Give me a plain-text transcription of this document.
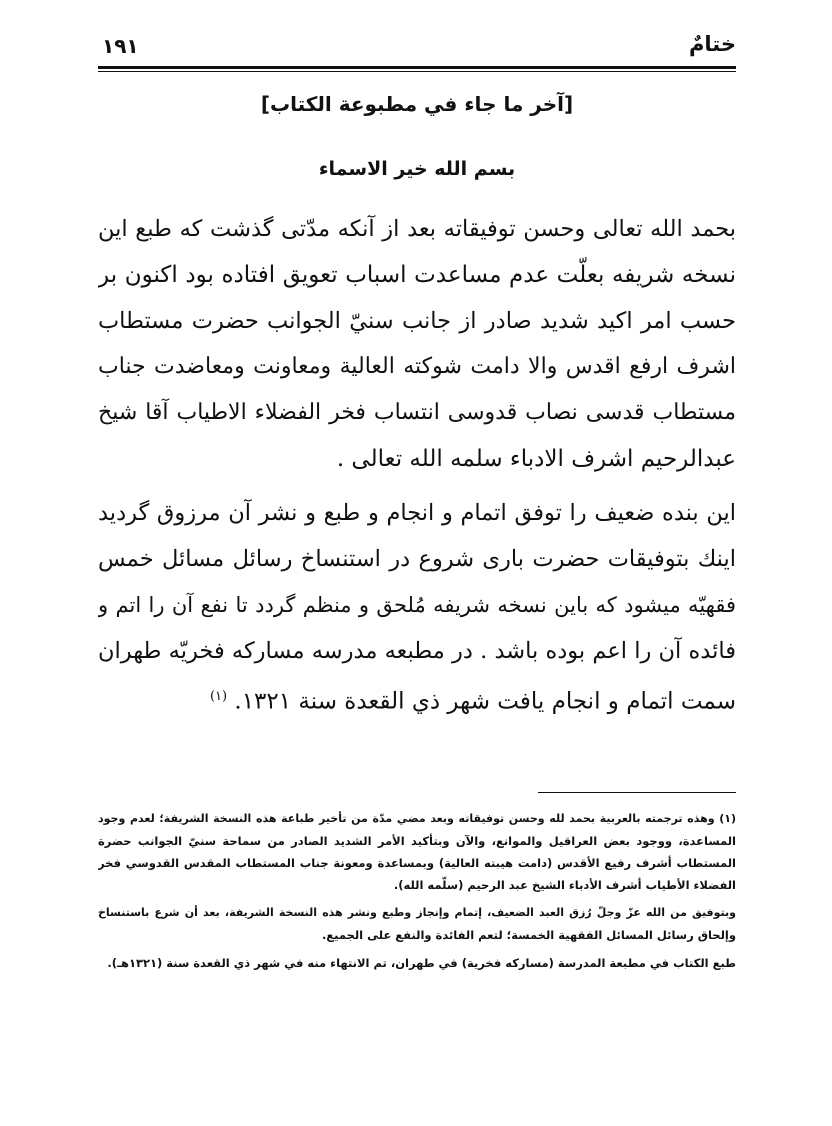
ختامٌ
١٩١
[آخر ما جاء في مطبوعة الكتاب]
بسم الله خير الاسماء
بحمد الله تعالى وحسن توفيقاته بعد از آنكه مدّتى گذشت كه طبع اين
نسخه شريفه بعلّت عدم مساعدت اسباب تعويق افتاده بود اكنون بر
حسب امر اكيد شديد صادر از جانب سنيّ الجوانب حضرت مستطاب
اشرف ارفع اقدس والا دامت شوكته العالية ومعاونت ومعاضدت جناب
مستطاب قدسى نصاب قدوسى انتساب فخر الفضلاء الاطياب آقا شيخ
عبدالرحيم اشرف الادباء سلمه الله تعالى .
اين بنده ضعيف را توفق اتمام و انجام و طبع و نشر آن مرزوق گرديد
اينك بتوفيقات حضرت بارى شروع در استنساخ رسائل مسائل خمس
فقهيّه ميشود كه باين نسخه شريفه مُلحق و منظم گردد تا نفع آن را اتم و
فائده آن را اعم بوده باشد . در مطبعه مدرسه مساركه فخريّه طهران
سمت اتمام و انجام يافت شهر ذي القعدة سنة ١٣٢١. $^{(١)}$
(١) وهذه ترجمته بالعربية بحمد لله وحسن توفيقاته وبعد مضي مدّة من تأخير طباعة هذه النسخة الشريفة؛ لعدم وجود
المساعدة، ووجود بعض العراقيل والموانع، والآن وبتأكيد الأمر الشديد الصادر من سماحة سنيّ الجوانب حضرة
المستطاب أشرف رفيع الأقدس (دامت هيبته العالية) وبمساعدة ومعونة جناب المستطاب المقدس القدوسي فخر
الفضلاء الأطياب أشرف الأدباء الشيخ عبد الرحيم (سلّمه الله).
وبتوفيق من الله عزّ وجلّ رُزق العبد الضعيف، إتمام وإنجاز وطبع ونشر هذه النسخة الشريفة، بعد أن شرع باستنساخ
وإلحاق رسائل المسائل الفقهية الخمسة؛ لتعم الفائدة والنفع على الجميع.
طبع الكتاب في مطبعة المدرسة (مساركه فخرية) في طهران، تم الانتهاء منه في شهر ذي القعدة سنة (١٣٢١هـ).
